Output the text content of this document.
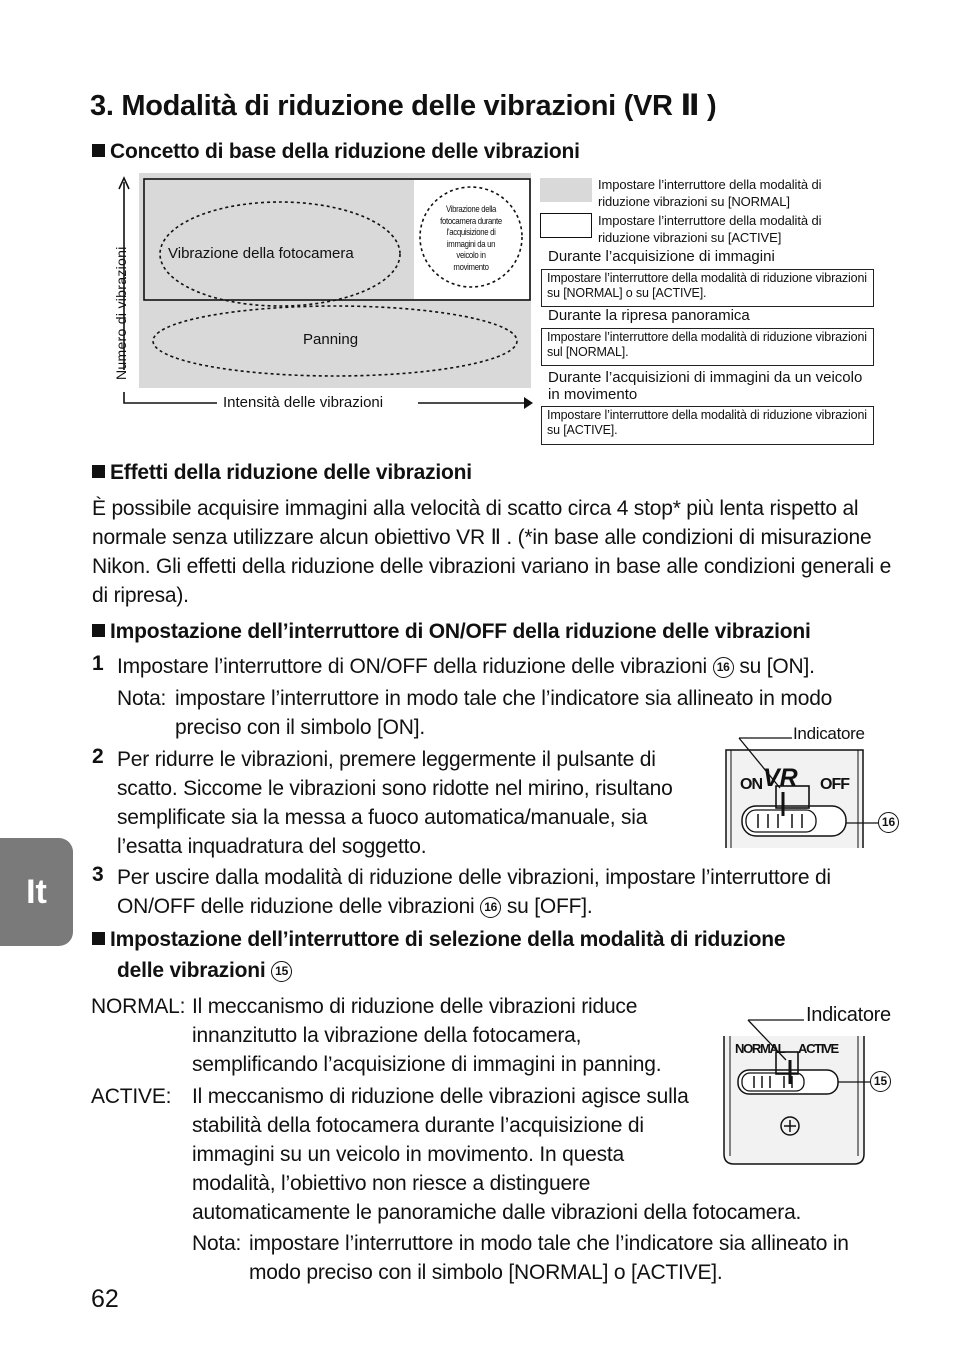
3. Modalità di riduzione delle vibrazioni (VR Ⅱ )
Concetto di base della riduzione delle vibrazioni
Numero di vibrazioni
Intensità delle vibrazioni
Vibrazione della fotocamera
Panning
Vibrazione della fotocamera durante l’acquisizione di immagini da un veicolo in movimento
Impostare l’interruttore della modalità di riduzione vibrazioni su [NORMAL]
Impostare l’interruttore della modalità di riduzione vibrazioni su [ACTIVE]
Durante l’acquisizione di immagini
Impostare l’interruttore della modalità di riduzione vibrazioni su [NORMAL] o su [ACTIVE].
Durante la ripresa panoramica
Impostare l’interruttore della modalità di riduzione vibrazioni sul [NORMAL].
Durante l’acquisizioni di immagini da un veicolo in movimento
Impostare l’interruttore della modalità di riduzione vibrazioni su [ACTIVE].
Effetti della riduzione delle vibrazioni
È possibile acquisire immagini alla velocità di scatto circa 4 stop* più lenta rispetto al normale senza utilizzare alcun obiettivo VR Ⅱ . (*in base alle condizioni di misurazione Nikon. Gli effetti della riduzione delle vibrazioni variano in base alle condizioni generali e di ripresa).
Impostazione dell’interruttore di ON/OFF della riduzione delle vibrazioni
1 Impostare l’interruttore di ON/OFF della riduzione delle vibrazioni 16 su [ON].
Nota: impostare l’interruttore in modo tale che l’indicatore sia allineato in modo preciso con il simbolo [ON].
2 Per ridurre le vibrazioni, premere leggermente il pulsante di scatto. Siccome le vibrazioni sono ridotte nel mirino, risultano semplificate sia la messa a fuoco automatica/manuale, sia l’esatta inquadratura del soggetto.
3 Per uscire dalla modalità di riduzione delle vibrazioni, impostare l’interruttore di ON/OFF delle riduzione delle vibrazioni 16 su [OFF].
Indicatore
VR
ON	OFF
16
Impostazione dell’interruttore di selezione della modalità di riduzione
delle vibrazioni 15
NORMAL: Il meccanismo di riduzione delle vibrazioni riduce innanzitutto la vibrazione della fotocamera, semplificando l’acquisizione di immagini in panning.
ACTIVE: Il meccanismo di riduzione delle vibrazioni agisce sulla stabilità della fotocamera durante l’acquisizione di immagini su un veicolo in movimento. In questa modalità, l’obiettivo non riesce a distinguere
automaticamente le panoramiche dalle vibrazioni della fotocamera.
Nota: impostare l’interruttore in modo tale che l’indicatore sia allineato in modo preciso con il simbolo [NORMAL] o [ACTIVE].
Indicatore
NORMAL ACTIVE
15
It
62
